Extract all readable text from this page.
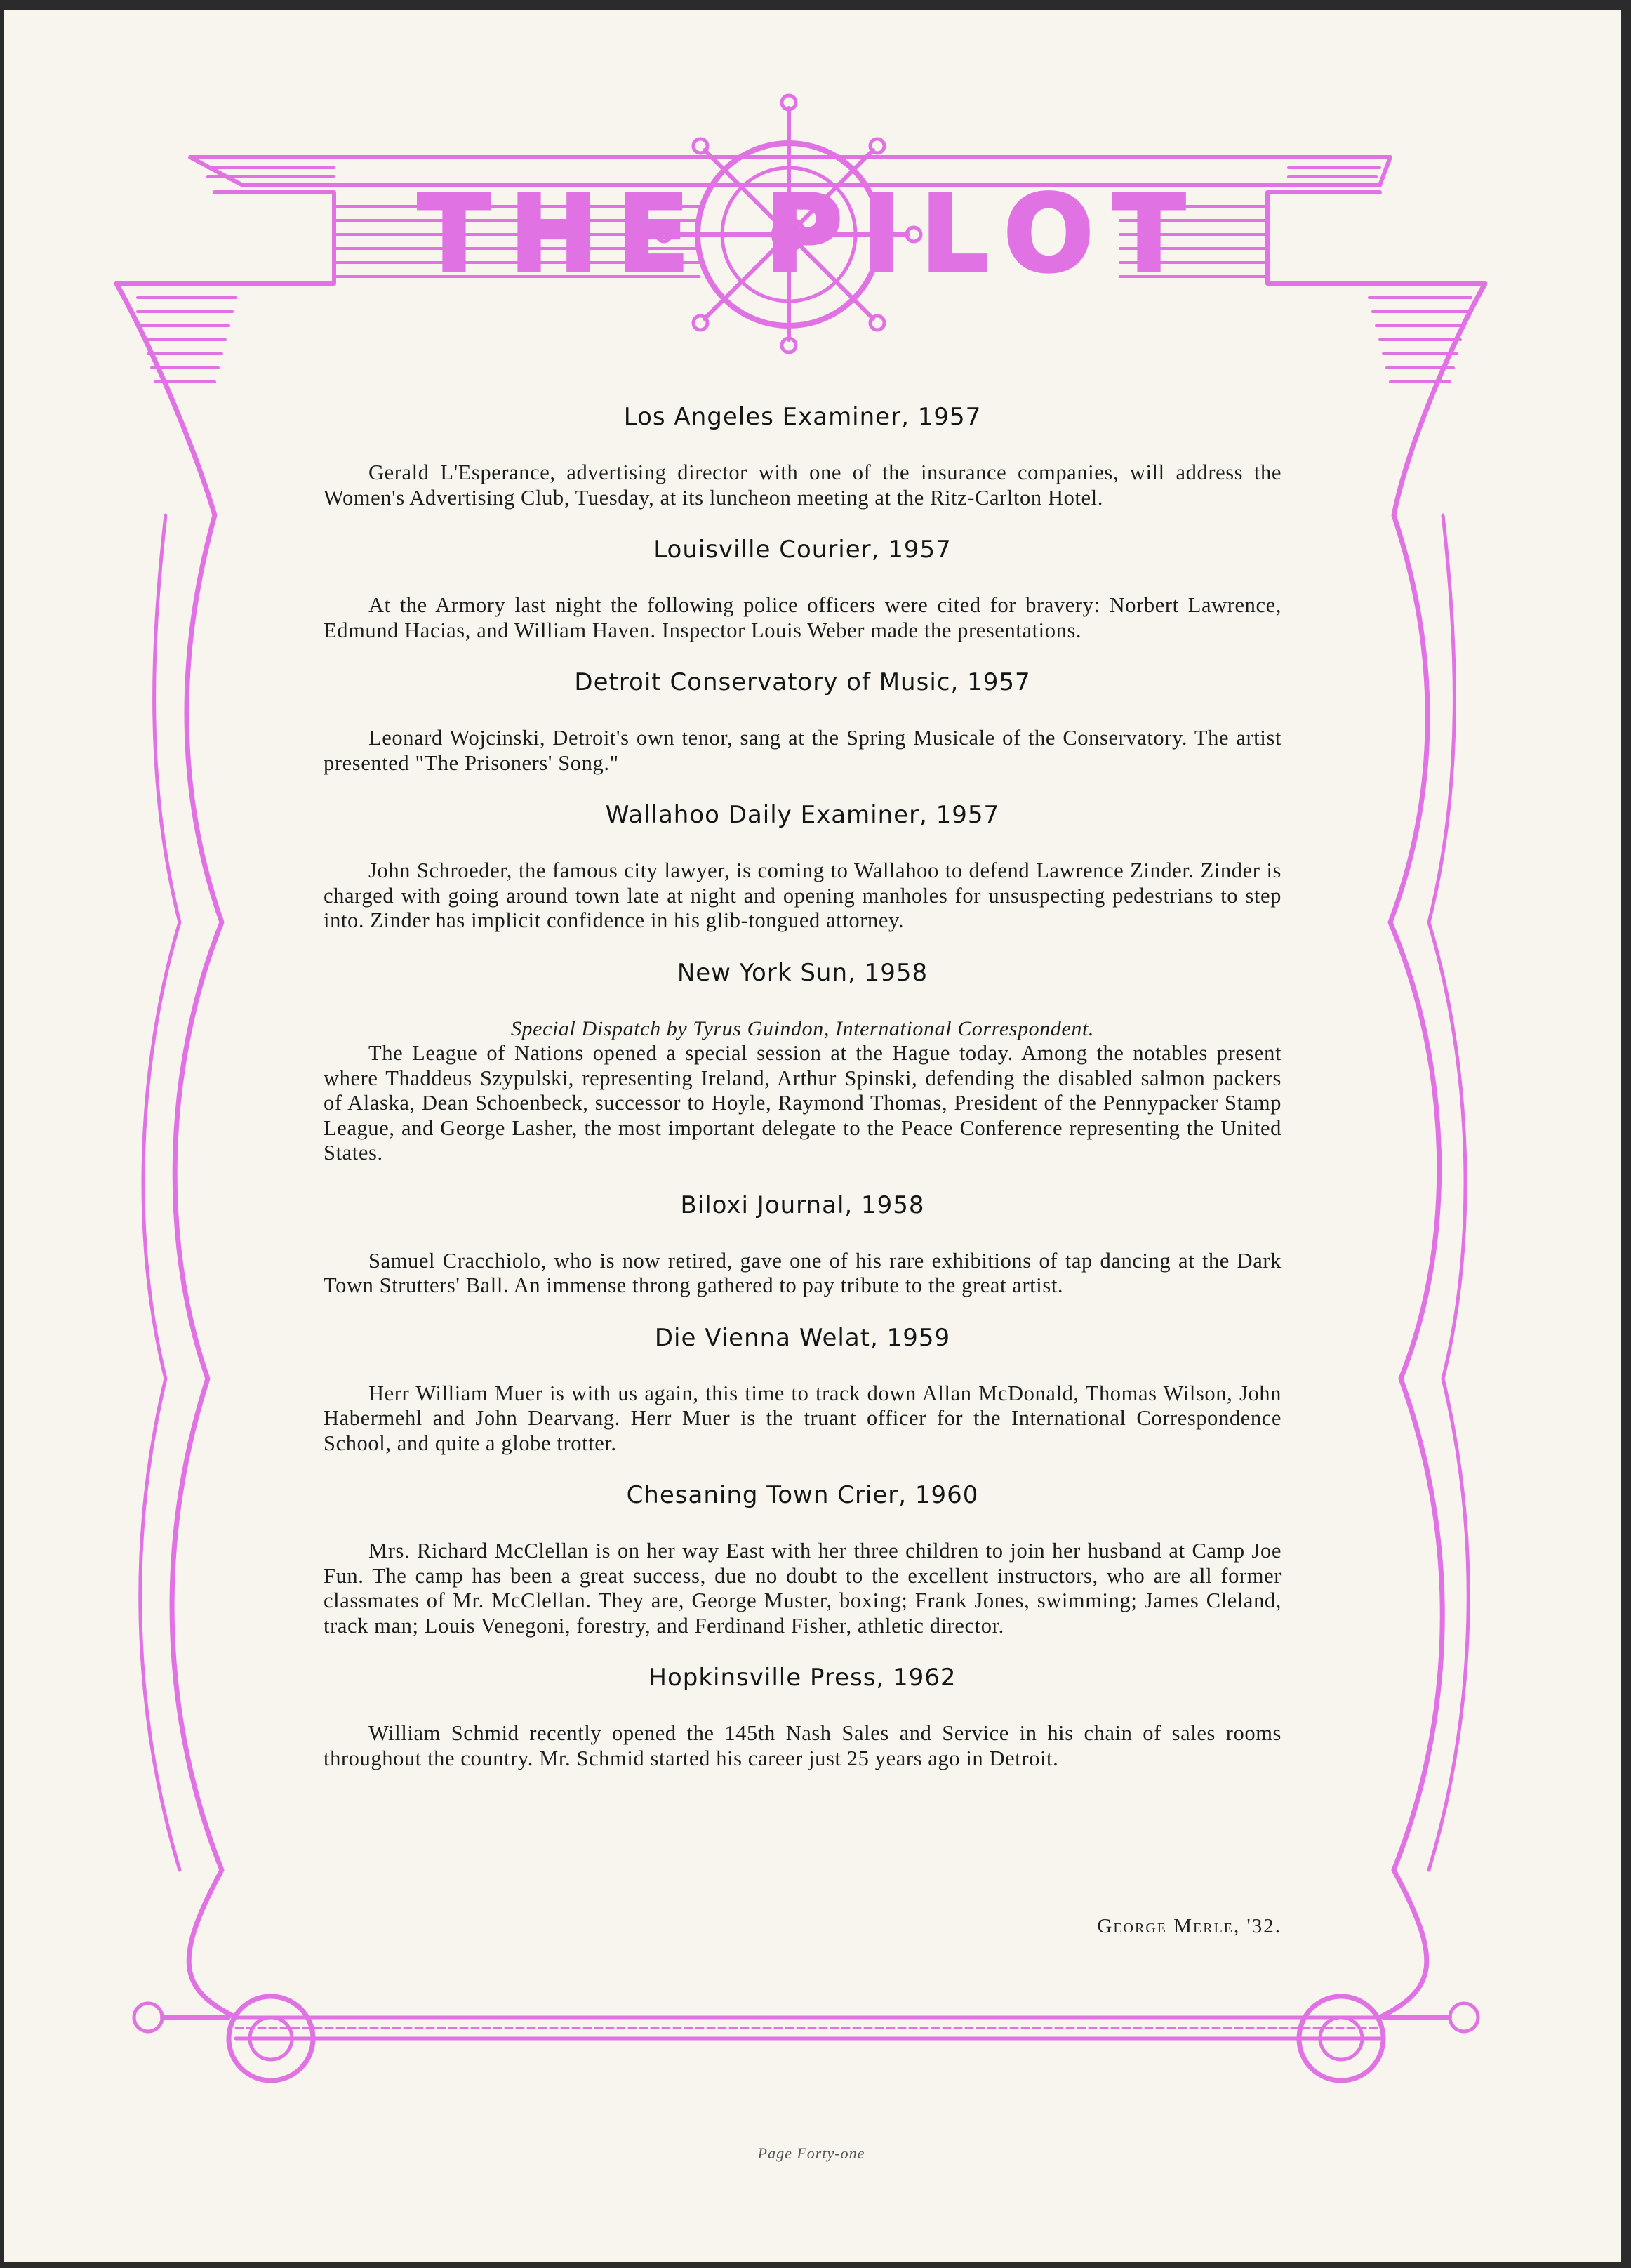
THE PILOT
Los Angeles Examiner, 1957

Gerald L'Esperance, advertising director with one of the insurance companies, will address the Women's Advertising Club, Tuesday, at its luncheon meeting at the Ritz-Carlton Hotel.

Louisville Courier, 1957

At the Armory last night the following police officers were cited for bravery: Norbert Lawrence, Edmund Hacias, and William Haven. Inspector Louis Weber made the presentations.

Detroit Conservatory of Music, 1957

Leonard Wojcinski, Detroit's own tenor, sang at the Spring Musicale of the Conservatory. The artist presented "The Prisoners' Song."

Wallahoo Daily Examiner, 1957

John Schroeder, the famous city lawyer, is coming to Wallahoo to defend Lawrence Zinder. Zinder is charged with going around town late at night and opening manholes for unsuspecting pedestrians to step into. Zinder has implicit confidence in his glib-tongued attorney.

New York Sun, 1958

Special Dispatch by Tyrus Guindon, International Correspondent.

The League of Nations opened a special session at the Hague today. Among the notables present where Thaddeus Szypulski, representing Ireland, Arthur Spinski, defending the disabled salmon packers of Alaska, Dean Schoenbeck, successor to Hoyle, Raymond Thomas, President of the Pennypacker Stamp League, and George Lasher, the most important delegate to the Peace Conference representing the United States.

Biloxi Journal, 1958

Samuel Cracchiolo, who is now retired, gave one of his rare exhibitions of tap dancing at the Dark Town Strutters' Ball. An immense throng gathered to pay tribute to the great artist.

Die Vienna Welat, 1959

Herr William Muer is with us again, this time to track down Allan McDonald, Thomas Wilson, John Habermehl and John Dearvang. Herr Muer is the truant officer for the International Correspondence School, and quite a globe trotter.

Chesaning Town Crier, 1960

Mrs. Richard McClellan is on her way East with her three children to join her husband at Camp Joe Fun. The camp has been a great success, due no doubt to the excellent instructors, who are all former classmates of Mr. McClellan. They are, George Muster, boxing; Frank Jones, swimming; James Cleland, track man; Louis Venegoni, forestry, and Ferdinand Fisher, athletic director.

Hopkinsville Press, 1962

William Schmid recently opened the 145th Nash Sales and Service in his chain of sales rooms throughout the country. Mr. Schmid started his career just 25 years ago in Detroit.

George Merle, '32.
Page Forty-one
